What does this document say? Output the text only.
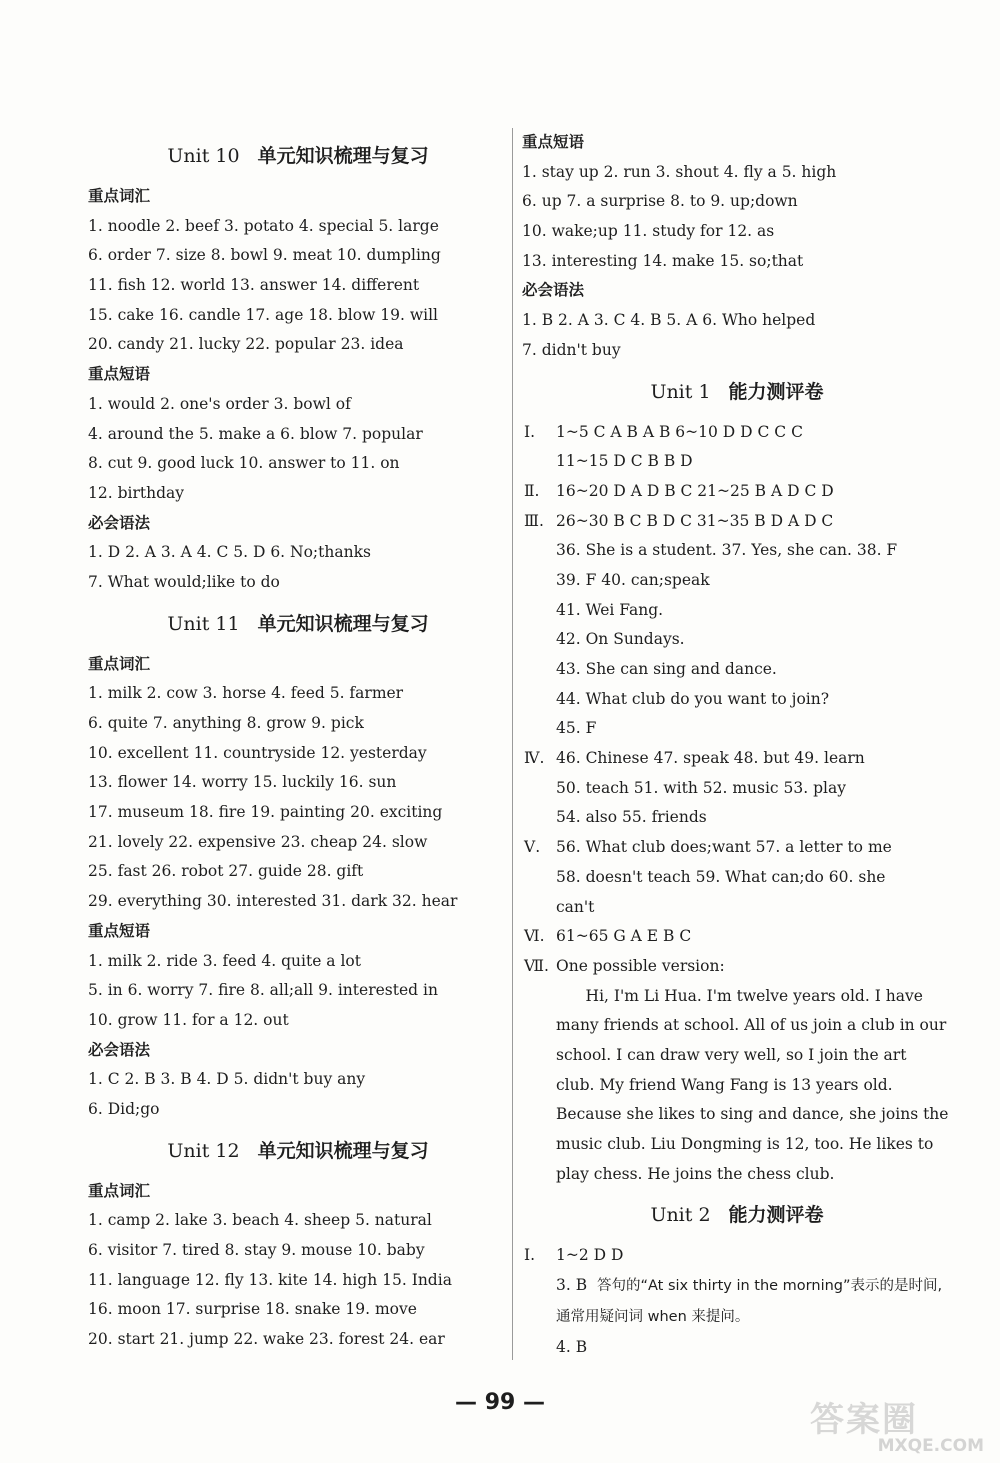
Unit 10 单元知识梳理与复习
重点词汇
1. noodle 2. beef 3. potato 4. special 5. large
6. order 7. size 8. bowl 9. meat 10. dumpling
11. fish 12. world 13. answer 14. different
15. cake 16. candle 17. age 18. blow 19. will
20. candy 21. lucky 22. popular 23. idea
重点短语
1. would 2. one's order 3. bowl of
4. around the 5. make a 6. blow 7. popular
8. cut 9. good luck 10. answer to 11. on
12. birthday
必会语法
1. D 2. A 3. A 4. C 5. D 6. No;thanks
7. What would;like to do
Unit 11 单元知识梳理与复习
重点词汇
1. milk 2. cow 3. horse 4. feed 5. farmer
6. quite 7. anything 8. grow 9. pick
10. excellent 11. countryside 12. yesterday
13. flower 14. worry 15. luckily 16. sun
17. museum 18. fire 19. painting 20. exciting
21. lovely 22. expensive 23. cheap 24. slow
25. fast 26. robot 27. guide 28. gift
29. everything 30. interested 31. dark 32. hear
重点短语
1. milk 2. ride 3. feed 4. quite a lot
5. in 6. worry 7. fire 8. all;all 9. interested in
10. grow 11. for a 12. out
必会语法
1. C 2. B 3. B 4. D 5. didn't buy any
6. Did;go
Unit 12 单元知识梳理与复习
重点词汇
1. camp 2. lake 3. beach 4. sheep 5. natural
6. visitor 7. tired 8. stay 9. mouse 10. baby
11. language 12. fly 13. kite 14. high 15. India
16. moon 17. surprise 18. snake 19. move
20. start 21. jump 22. wake 23. forest 24. ear
重点短语
1. stay up 2. run 3. shout 4. fly a 5. high
6. up 7. a surprise 8. to 9. up;down
10. wake;up 11. study for 12. as
13. interesting 14. make 15. so;that
必会语法
1. B 2. A 3. C 4. B 5. A 6. Who helped
7. didn't buy
Unit 1 能力测评卷
Ⅰ. 1~5 C A B A B 6~10 D D C C C
11~15 D C B B D
Ⅱ. 16~20 D A D B C 21~25 B A D C D
Ⅲ. 26~30 B C B D C 31~35 B D A D C
36. She is a student. 37. Yes, she can. 38. F
39. F 40. can;speak
41. Wei Fang.
42. On Sundays.
43. She can sing and dance.
44. What club do you want to join?
45. F
Ⅳ. 46. Chinese 47. speak 48. but 49. learn
50. teach 51. with 52. music 53. play
54. also 55. friends
Ⅴ. 56. What club does;want 57. a letter to me
58. doesn't teach 59. What can;do 60. she
can't
Ⅵ. 61~65 G A E B C
Ⅶ. One possible version:
Hi, I'm Li Hua. I'm twelve years old. I have
many friends at school. All of us join a club in our
school. I can draw very well, so I join the art
club. My friend Wang Fang is 13 years old.
Because she likes to sing and dance, she joins the
music club. Liu Dongming is 12, too. He likes to
play chess. He joins the chess club.
Unit 2 能力测评卷
Ⅰ. 1~2 D D
3. B 答句的“At six thirty in the morning”表示的是时间,通常用疑问词 when 来提问。
4. B
— 99 —	答案圈
MXQE.COM
